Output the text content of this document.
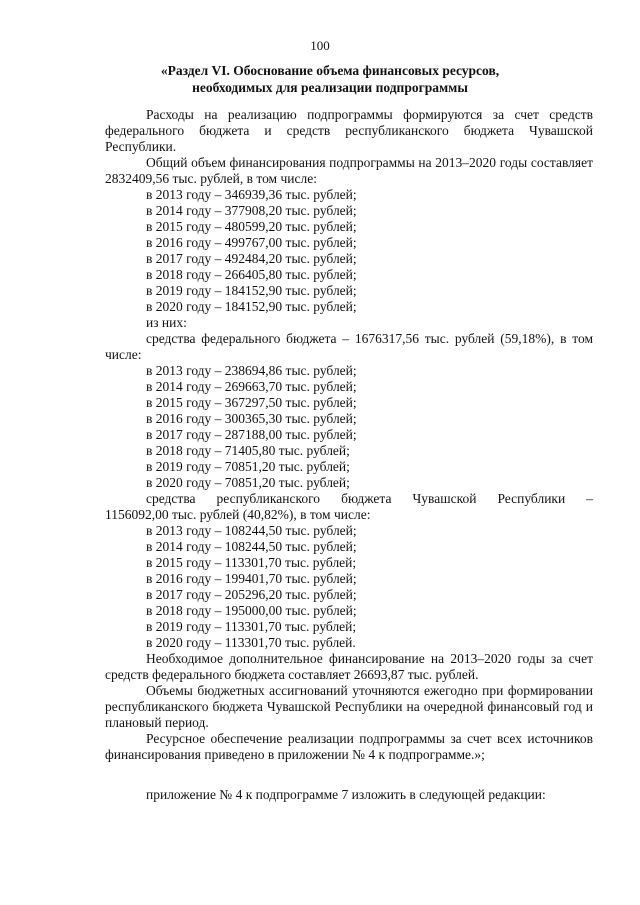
100
«Раздел VI. Обоснование объема финансовых ресурсов,
необходимых для реализации подпрограммы

Расходы на реализацию подпрограммы формируются за счет средств федерального бюджета и средств республиканского бюджета Чувашской Республики.

Общий объем финансирования подпрограммы на 2013–2020 годы составляет 2832409,56 тыс. рублей, в том числе:

в 2013 году – 346939,36 тыс. рублей;

в 2014 году – 377908,20 тыс. рублей;

в 2015 году – 480599,20 тыс. рублей;

в 2016 году – 499767,00 тыс. рублей;

в 2017 году – 492484,20 тыс. рублей;

в 2018 году – 266405,80 тыс. рублей;

в 2019 году – 184152,90 тыс. рублей;

в 2020 году – 184152,90 тыс. рублей;

из них:

средства федерального бюджета – 1676317,56 тыс. рублей (59,18%), в том числе:

в 2013 году – 238694,86 тыс. рублей;

в 2014 году – 269663,70 тыс. рублей;

в 2015 году – 367297,50 тыс. рублей;

в 2016 году – 300365,30 тыс. рублей;

в 2017 году – 287188,00 тыс. рублей;

в 2018 году – 71405,80 тыс. рублей;

в 2019 году – 70851,20 тыс. рублей;

в 2020 году – 70851,20 тыс. рублей;

средства республиканского бюджета Чувашской Республики –

1156092,00 тыс. рублей (40,82%), в том числе:

в 2013 году – 108244,50 тыс. рублей;

в 2014 году – 108244,50 тыс. рублей;

в 2015 году – 113301,70 тыс. рублей;

в 2016 году – 199401,70 тыс. рублей;

в 2017 году – 205296,20 тыс. рублей;

в 2018 году – 195000,00 тыс. рублей;

в 2019 году – 113301,70 тыс. рублей;

в 2020 году – 113301,70 тыс. рублей.

Необходимое дополнительное финансирование на 2013–2020 годы за счет средств федерального бюджета составляет 26693,87 тыс. рублей.

Объемы бюджетных ассигнований уточняются ежегодно при формировании республиканского бюджета Чувашской Республики на очередной финансовый год и плановый период.

Ресурсное обеспечение реализации подпрограммы за счет всех источников финансирования приведено в приложении № 4 к подпрограмме.»;

приложение № 4 к подпрограмме 7 изложить в следующей редакции:
